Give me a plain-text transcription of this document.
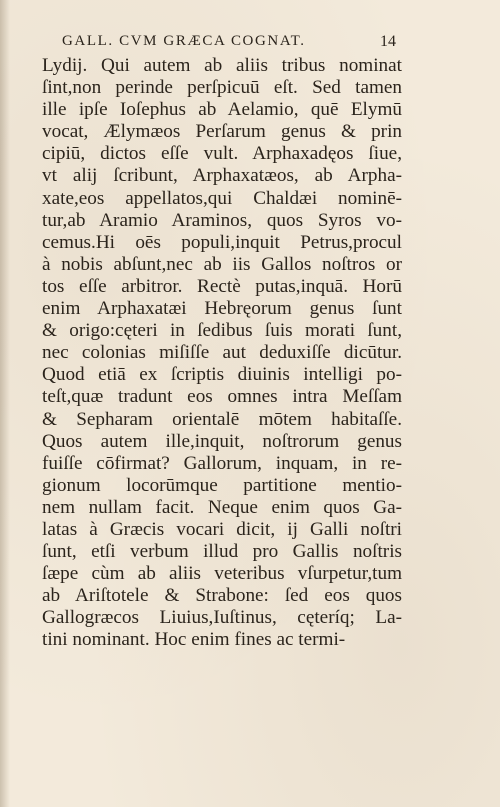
GALL. CVM GRÆCA COGNAT.	14
Lydij. Qui autem ab aliis tribus nominat
ſint,non perinde perſpicuū eſt. Sed tamen
ille ipſe Ioſephus ab Aelamio, quē Elymū
vocat, Ælymæos Perſarum genus & prin
cipiū, dictos eſſe vult. Arphaxadęos ſiue,
vt alij ſcribunt, Arphaxatæos, ab Arpha-
xate,eos appellatos,qui Chaldæi nominē-
tur,ab Aramio Araminos, quos Syros vo-
cemus.Hi oēs populi,inquit Petrus,procul
à nobis abſunt,nec ab iis Gallos noſtros or
tos eſſe arbitror. Rectè putas,inquā. Horū
enim Arphaxatæi Hebręorum genus ſunt
& origo:cęteri in ſedibus ſuis morati ſunt,
nec colonias miſiſſe aut deduxiſſe dicūtur.
Quod etiā ex ſcriptis diuinis intelligi po-
teſt,quæ tradunt eos omnes intra Meſſam
& Sepharam orientalē mōtem habitaſſe.
Quos autem ille,inquit, noſtrorum genus
fuiſſe cōfirmat? Gallorum, inquam, in re-
gionum locorūmque partitione mentio-
nem nullam facit. Neque enim quos Ga-
latas à Græcis vocari dicit, ij Galli noſtri
ſunt, etſi verbum illud pro Gallis noſtris
ſæpe cùm ab aliis veteribus vſurpetur,tum
ab Ariſtotele & Strabone: ſed eos quos
Gallogræcos Liuius,Iuſtinus, cęteríq; La-
tini nominant. Hoc enim fines ac termi-
